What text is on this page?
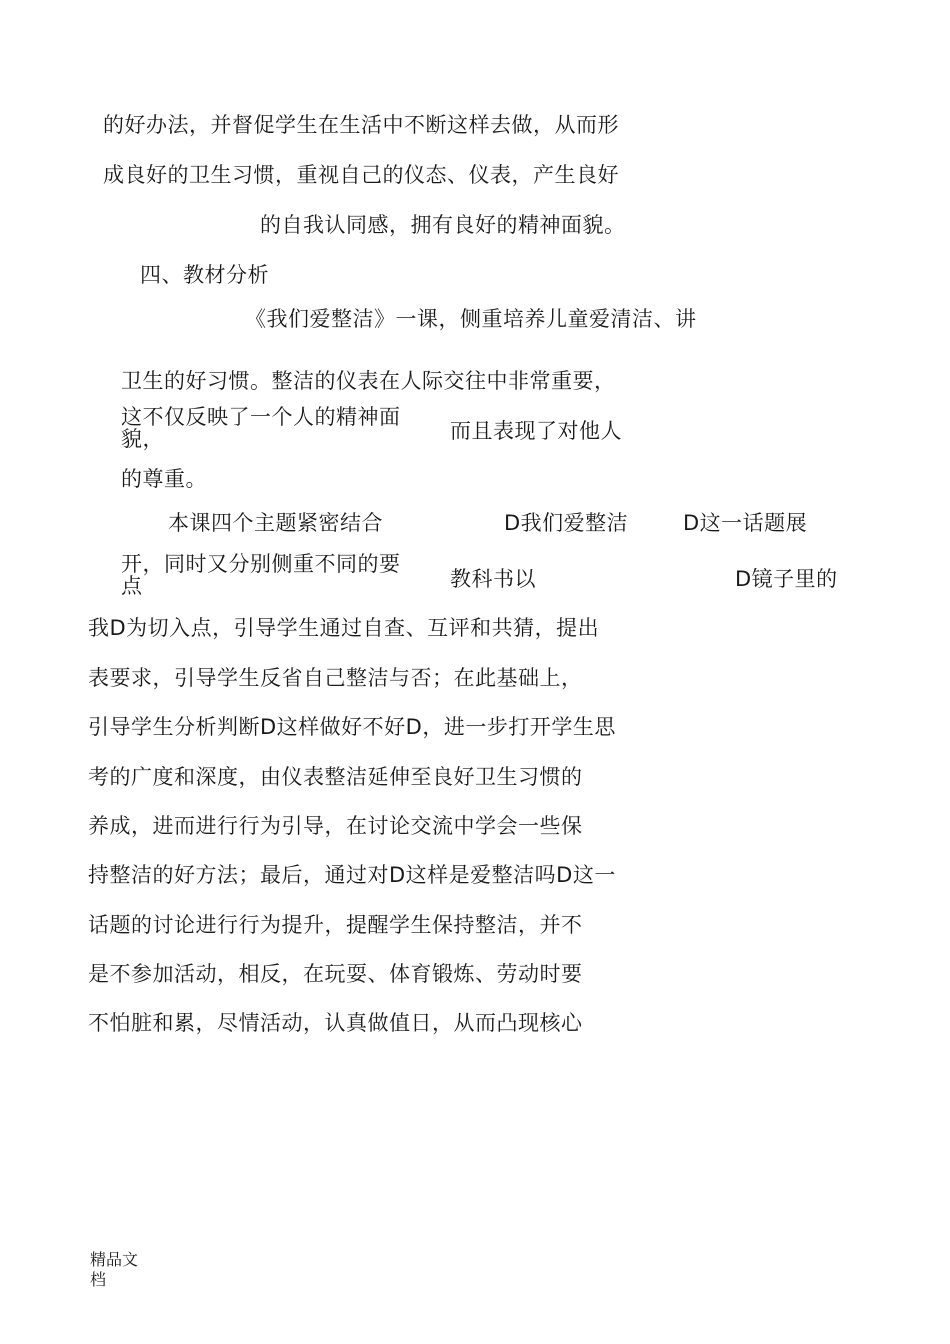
的好办法，并督促学生在生活中不断这样去做，从而形
成良好的卫生习惯，重视自己的仪态、仪表，产生良好
的自我认同感，拥有良好的精神面貌。
四、教材分析
《我们爱整洁》一课，侧重培养儿童爱清洁、讲
卫生的好习惯。整洁的仪表在人际交往中非常重要，
这不仅反映了一个人的精神面貌，	而且表现了对他人
的尊重。
本课四个主题紧密结合	D我们爱整洁	D这一话题展
开，同时又分别侧重不同的要点	教科书以	D镜子里的
我D为切入点，引导学生通过自查、互评和共猜，提出
表要求，引导学生反省自己整洁与否；在此基础上，
引导学生分析判断D这样做好不好D，进一步打开学生思
考的广度和深度，由仪表整洁延伸至良好卫生习惯的
养成，进而进行行为引导，在讨论交流中学会一些保
持整洁的好方法；最后，通过对D这样是爱整洁吗D这一
话题的讨论进行行为提升，提醒学生保持整洁，并不
是不参加活动，相反，在玩耍、体育锻炼、劳动时要
不怕脏和累，尽情活动，认真做值日，从而凸现核心
精品文档
